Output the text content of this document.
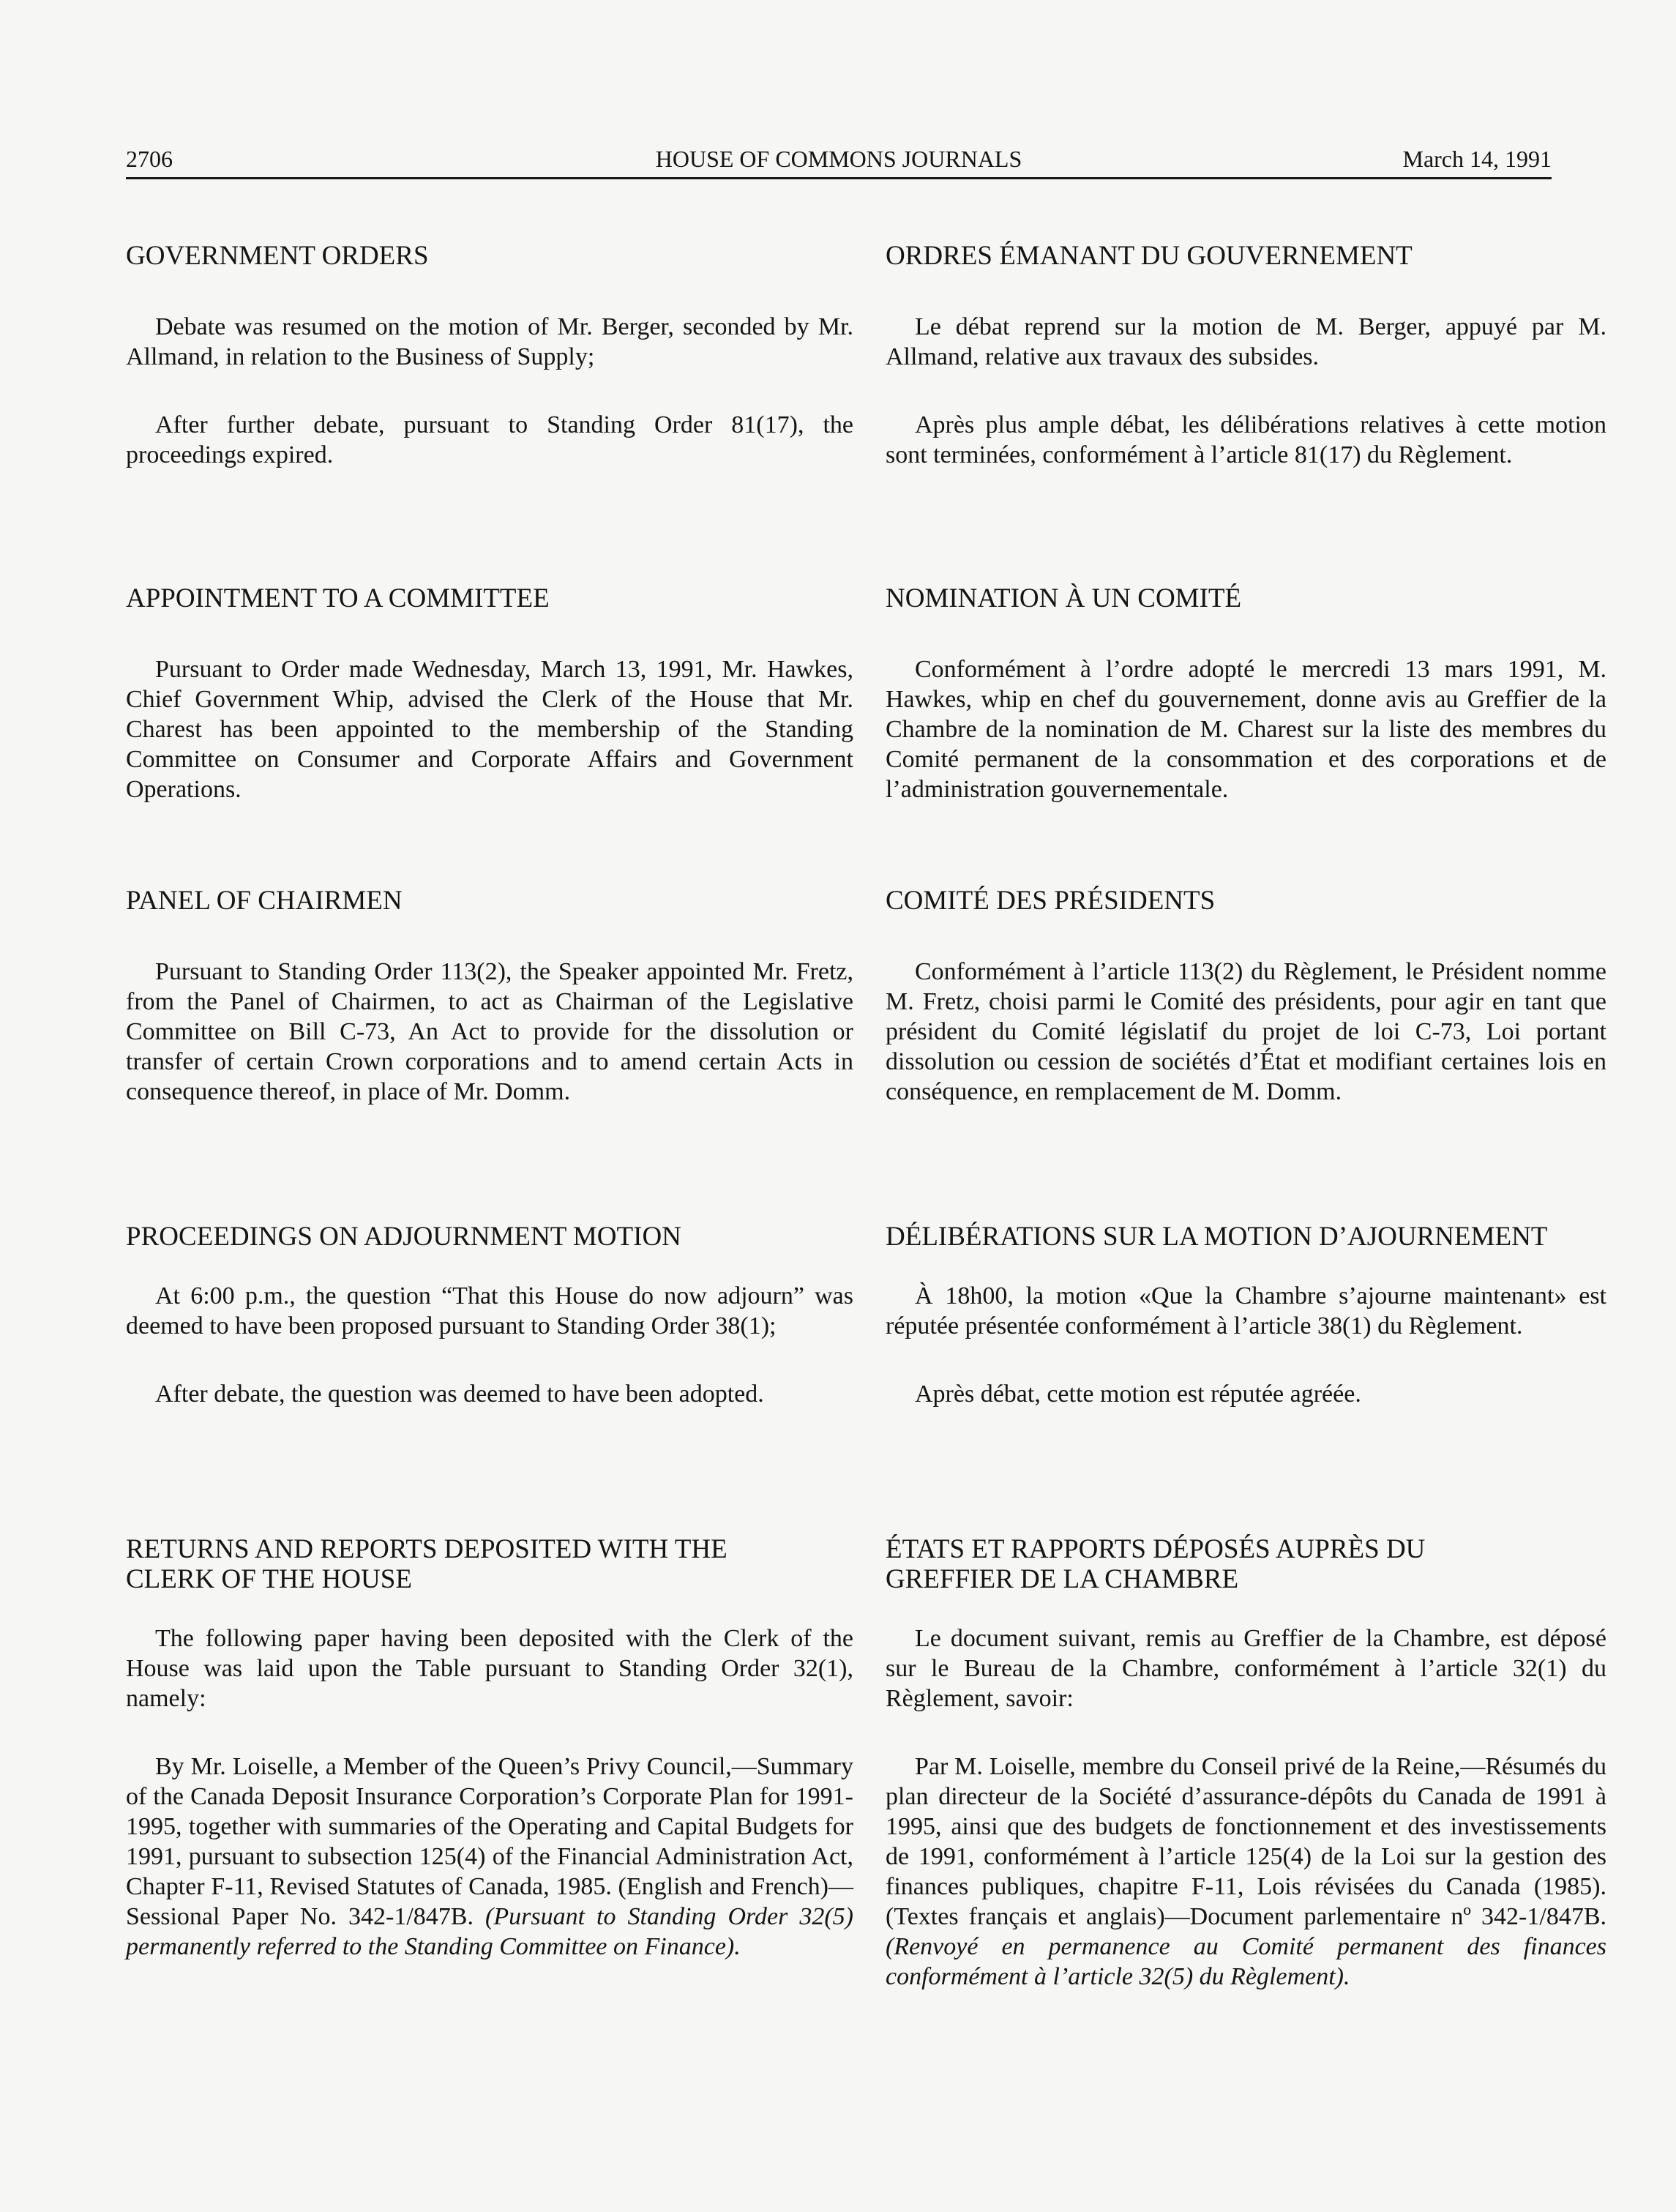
HOUSE OF COMMONS JOURNALS
2706	March 14, 1991
GOVERNMENT ORDERS

Debate was resumed on the motion of Mr. Berger, seconded by Mr. Allmand, in relation to the Business of Supply;

After further debate, pursuant to Standing Order 81(17), the proceedings expired.

ORDRES ÉMANANT DU GOUVERNEMENT

Le débat reprend sur la motion de M. Berger, appuyé par M. Allmand, relative aux travaux des subsides.

Après plus ample débat, les délibérations relatives à cette motion sont terminées, conformément à l’article 81(17) du Règlement.

APPOINTMENT TO A COMMITTEE

Pursuant to Order made Wednesday, March 13, 1991, Mr. Hawkes, Chief Government Whip, advised the Clerk of the House that Mr. Charest has been appointed to the membership of the Standing Committee on Consumer and Corporate Affairs and Government Operations.

NOMINATION À UN COMITÉ

Conformément à l’ordre adopté le mercredi 13 mars 1991, M. Hawkes, whip en chef du gouvernement, donne avis au Greffier de la Chambre de la nomination de M. Charest sur la liste des membres du Comité permanent de la consommation et des corporations et de l’administration gouvernementale.

PANEL OF CHAIRMEN

Pursuant to Standing Order 113(2), the Speaker appointed Mr. Fretz, from the Panel of Chairmen, to act as Chairman of the Legislative Committee on Bill C-73, An Act to provide for the dissolution or transfer of certain Crown corporations and to amend certain Acts in consequence thereof, in place of Mr. Domm.

COMITÉ DES PRÉSIDENTS

Conformément à l’article 113(2) du Règlement, le Président nomme M. Fretz, choisi parmi le Comité des présidents, pour agir en tant que président du Comité législatif du projet de loi C-73, Loi portant dissolution ou cession de sociétés d’État et modifiant certaines lois en conséquence, en remplacement de M. Domm.

PROCEEDINGS ON ADJOURNMENT MOTION

At 6:00 p.m., the question “That this House do now adjourn” was deemed to have been proposed pursuant to Standing Order 38(1);

After debate, the question was deemed to have been adopted.

DÉLIBÉRATIONS SUR LA MOTION D’AJOURNEMENT

À 18h00, la motion «Que la Chambre s’ajourne maintenant» est réputée présentée conformément à l’article 38(1) du Règlement.

Après débat, cette motion est réputée agréée.

RETURNS AND REPORTS DEPOSITED WITH THE
CLERK OF THE HOUSE

The following paper having been deposited with the Clerk of the House was laid upon the Table pursuant to Standing Order 32(1), namely:

By Mr. Loiselle, a Member of the Queen’s Privy Council,—Summary of the Canada Deposit Insurance Corporation’s Corporate Plan for 1991-1995, together with summaries of the Operating and Capital Budgets for 1991, pursuant to subsection 125(4) of the Financial Administration Act, Chapter F-11, Revised Statutes of Canada, 1985. (English and French)—Sessional Paper No. 342-1/847B. (Pursuant to Standing Order 32(5) permanently referred to the Standing Committee on Finance).

ÉTATS ET RAPPORTS DÉPOSÉS AUPRÈS DU
GREFFIER DE LA CHAMBRE

Le document suivant, remis au Greffier de la Chambre, est déposé sur le Bureau de la Chambre, conformément à l’article 32(1) du Règlement, savoir:

Par M. Loiselle, membre du Conseil privé de la Reine,—Résumés du plan directeur de la Société d’assurance-dépôts du Canada de 1991 à 1995, ainsi que des budgets de fonctionnement et des investissements de 1991, conformément à l’article 125(4) de la Loi sur la gestion des finances publiques, chapitre F-11, Lois révisées du Canada (1985). (Textes français et anglais)—Document parlementaire nº 342-1/847B. (Renvoyé en permanence au Comité permanent des finances conformément à l’article 32(5) du Règlement).
